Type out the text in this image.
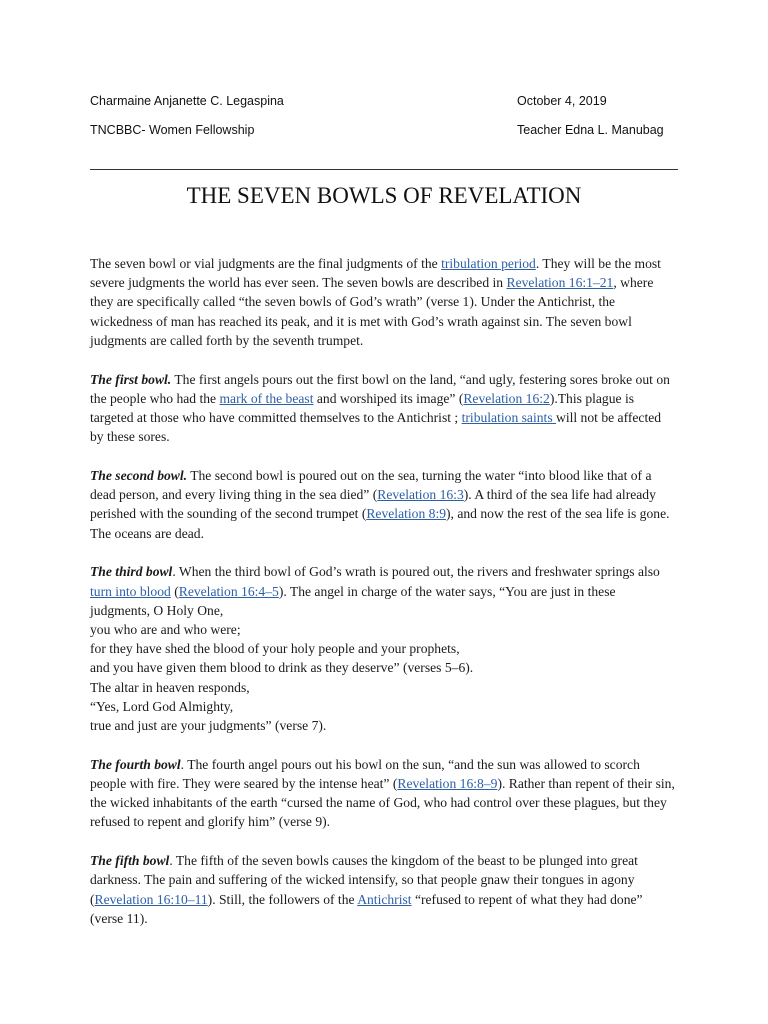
Charmaine Anjanette C. Legaspina	October 4, 2019
TNCBBC- Women Fellowship	Teacher Edna L. Manubag
THE SEVEN BOWLS OF REVELATION

The seven bowl or vial judgments are the final judgments of the tribulation period. They will be the most severe judgments the world has ever seen. The seven bowls are described in Revelation 16:1–21, where they are specifically called “the seven bowls of God’s wrath” (verse 1). Under the Antichrist, the wickedness of man has reached its peak, and it is met with God’s wrath against sin. The seven bowl judgments are called forth by the seventh trumpet.

The first bowl. The first angels pours out the first bowl on the land, “and ugly, festering sores broke out on the people who had the mark of the beast and worshiped its image” (Revelation 16:2).This plague is targeted at those who have committed themselves to the Antichrist ; tribulation saints will not be affected by these sores.

The second bowl. The second bowl is poured out on the sea, turning the water “into blood like that of a dead person, and every living thing in the sea died” (Revelation 16:3). A third of the sea life had already perished with the sounding of the second trumpet (Revelation 8:9), and now the rest of the sea life is gone. The oceans are dead.

The third bowl. When the third bowl of God’s wrath is poured out, the rivers and freshwater springs also turn into blood (Revelation 16:4–5). The angel in charge of the water says, “You are just in these judgments, O Holy One,
you who are and who were;
for they have shed the blood of your holy people and your prophets,
and you have given them blood to drink as they deserve” (verses 5–6).
The altar in heaven responds,
“Yes, Lord God Almighty,
true and just are your judgments” (verse 7).

The fourth bowl. The fourth angel pours out his bowl on the sun, “and the sun was allowed to scorch people with fire. They were seared by the intense heat” (Revelation 16:8–9). Rather than repent of their sin, the wicked inhabitants of the earth “cursed the name of God, who had control over these plagues, but they refused to repent and glorify him” (verse 9).

The fifth bowl. The fifth of the seven bowls causes the kingdom of the beast to be plunged into great darkness. The pain and suffering of the wicked intensify, so that people gnaw their tongues in agony (Revelation 16:10–11). Still, the followers of the Antichrist “refused to repent of what they had done” (verse 11).
